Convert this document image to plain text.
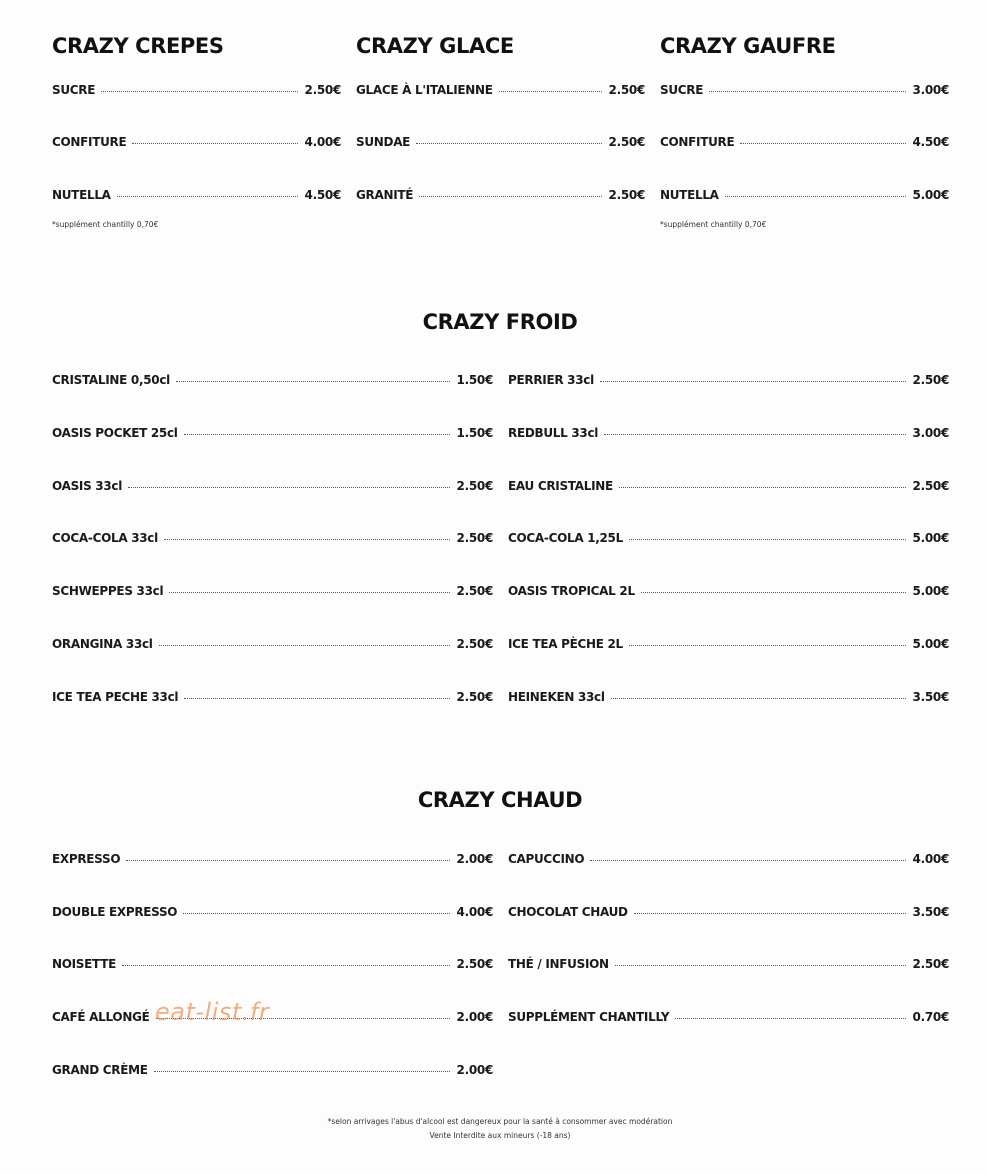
CRAZY CREPES
SUCRE	2.50€
CONFITURE	4.00€
NUTELLA	4.50€
*supplément chantilly 0,70€
CRAZY GLACE
GLACE À L'ITALIENNE	2.50€
SUNDAE	2.50€
GRANITÉ	2.50€
CRAZY GAUFRE
SUCRE	3.00€
CONFITURE	4.50€
NUTELLA	5.00€
*supplément chantilly 0,70€
CRAZY FROID
CRISTALINE 0,50cl	1.50€
OASIS POCKET 25cl	1.50€
OASIS 33cl	2.50€
COCA-COLA 33cl	2.50€
SCHWEPPES 33cl	2.50€
ORANGINA 33cl	2.50€
ICE TEA PECHE 33cl	2.50€
PERRIER 33cl	2.50€
REDBULL 33cl	3.00€
EAU CRISTALINE	2.50€
COCA-COLA 1,25L	5.00€
OASIS TROPICAL 2L	5.00€
ICE TEA PÈCHE 2L	5.00€
HEINEKEN 33cl	3.50€
CRAZY CHAUD
EXPRESSO	2.00€
DOUBLE EXPRESSO	4.00€
NOISETTE	2.50€
CAFÉ ALLONGÉ	2.00€
GRAND CRÈME	2.00€
CAPUCCINO	4.00€
CHOCOLAT CHAUD	3.50€
THÉ / INFUSION	2.50€
SUPPLÉMENT CHANTILLY	0.70€
eat-list.fr
*selon arrivages l'abus d'alcool est dangereux pour la santé à consommer avec modération
Vente Interdite aux mineurs (-18 ans)
